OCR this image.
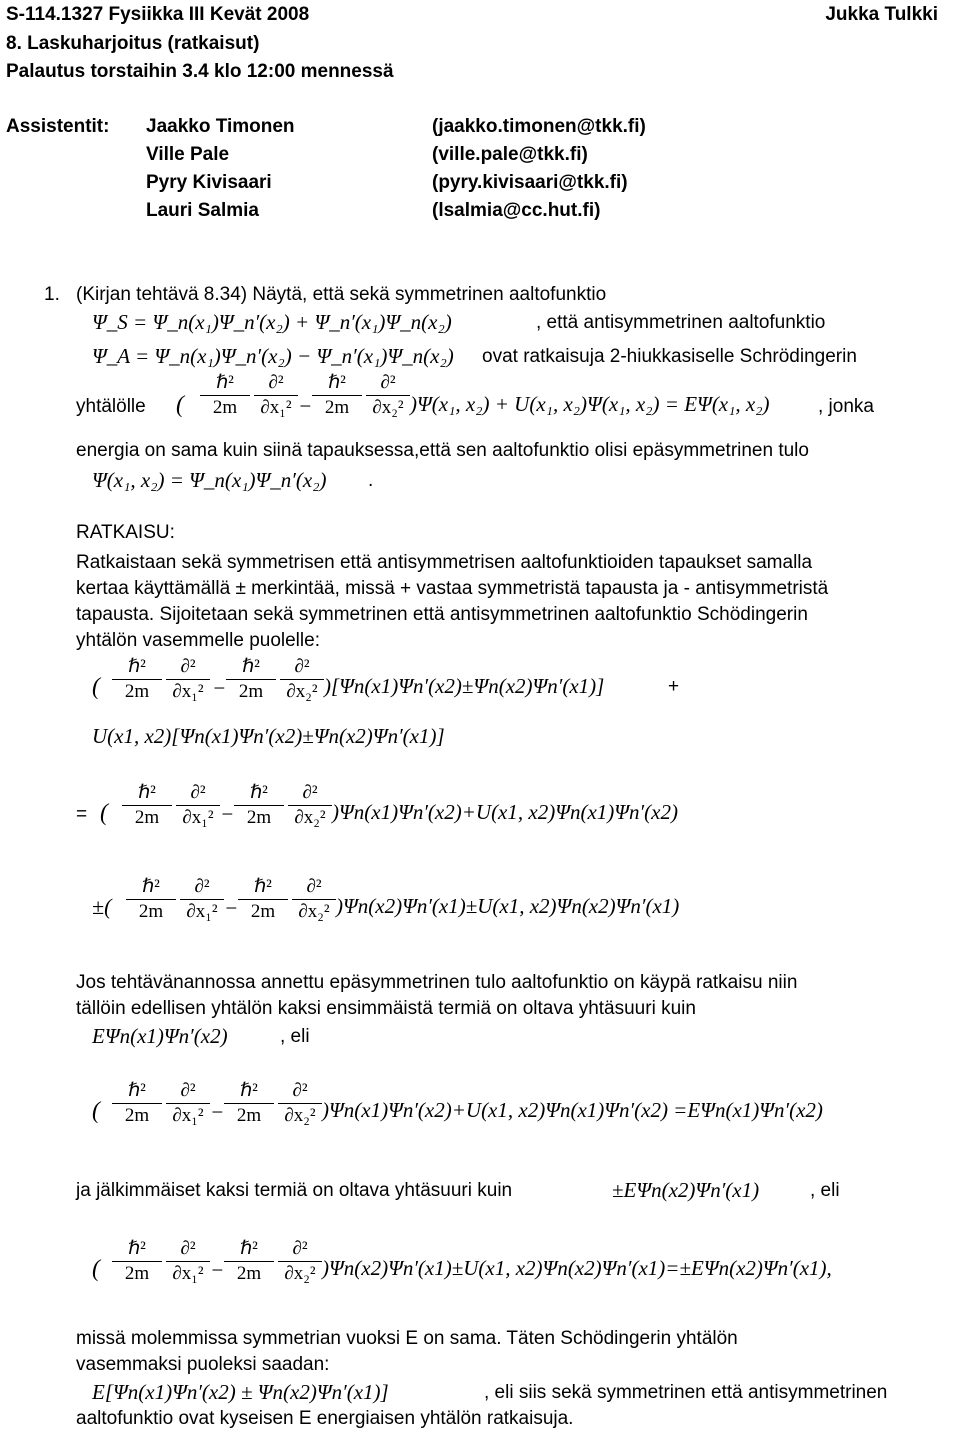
S-114.1327 Fysiikka III Kevät 2008	Jukka Tulkki
8. Laskuharjoitus (ratkaisut)
Palautus torstaihin 3.4 klo 12:00 mennessä
Assistentit: Jaakko Timonen	(jaakko.timonen@tkk.fi)
Ville Pale	(ville.pale@tkk.fi)
Pyry Kivisaari	(pyry.kivisaari@tkk.fi)
Lauri Salmia	(lsalmia@cc.hut.fi)
1. (Kirjan tehtävä 8.34) Näytä, että sekä symmetrinen aaltofunktio
Ψ_S = Ψ_n(x₁)Ψ_n′(x₂) + Ψ_n′(x₁)Ψ_n(x₂)	, että antisymmetrinen aaltofunktio
Ψ_A = Ψ_n(x₁)Ψ_n′(x₂) − Ψ_n′(x₁)Ψ_n(x₂) ovat ratkaisuja 2-hiukkasiselle Schrödingerin
yhtälölle (
ℏ²
2m
∂²
∂x₁² −
ℏ²
2m
∂²
∂x₂² )Ψ(x₁, x₂) + U(x₁, x₂)Ψ(x₁, x₂) = EΨ(x₁, x₂)	, jonka
energia on sama kuin siinä tapauksessa,että sen aaltofunktio olisi epäsymmetrinen tulo
Ψ(x₁, x₂) = Ψ_n(x₁)Ψ_n′(x₂) .
RATKAISU:
Ratkaistaan sekä symmetrisen että antisymmetrisen aaltofunktioiden tapaukset samalla
kertaa käyttämällä ± merkintää, missä + vastaa symmetristä tapausta ja - antisymmetristä
tapausta. Sijoitetaan sekä symmetrinen että antisymmetrinen aaltofunktio Schödingerin
yhtälön vasemmelle puolelle:
(
ℏ²
2m
∂²
∂x₁² −
ℏ²
2m
∂²
∂x₂² )[Ψn(x1)Ψn′(x2)±Ψn(x2)Ψn′(x1)]	+
U(x1, x2)[Ψn(x1)Ψn′(x2)±Ψn(x2)Ψn′(x1)]
= (
ℏ²
2m
∂²
∂x₁² −
ℏ²
2m
∂²
∂x₂² )Ψn(x1)Ψn′(x2)+U(x1, x2)Ψn(x1)Ψn′(x2)
±(
ℏ²
2m
∂²
∂x₁² −
ℏ²
2m
∂²
∂x₂² )Ψn(x2)Ψn′(x1)±U(x1, x2)Ψn(x2)Ψn′(x1)
Jos tehtävänannossa annettu epäsymmetrinen tulo aaltofunktio on käypä ratkaisu niin
tällöin edellisen yhtälön kaksi ensimmäistä termiä on oltava yhtäsuuri kuin
EΨn(x1)Ψn′(x2)	, eli
(
ℏ²
2m
∂²
∂x₁² −
ℏ²
2m
∂²
∂x₂² )Ψn(x1)Ψn′(x2)+U(x1, x2)Ψn(x1)Ψn′(x2) =EΨn(x1)Ψn′(x2)
ja jälkimmäiset kaksi termiä on oltava yhtäsuuri kuin	±EΨn(x2)Ψn′(x1)	, eli
(
ℏ²
2m
∂²
∂x₁² −
ℏ²
2m
∂²
∂x₂² )Ψn(x2)Ψn′(x1)±U(x1, x2)Ψn(x2)Ψn′(x1)=±EΨn(x2)Ψn′(x1),
missä molemmissa symmetrian vuoksi E on sama. Täten Schödingerin yhtälön
vasemmaksi puoleksi saadan:
E[Ψn(x1)Ψn′(x2) ± Ψn(x2)Ψn′(x1)]	, eli siis sekä symmetrinen että antisymmetrinen
aaltofunktio ovat kyseisen E energiaisen yhtälön ratkaisuja.
